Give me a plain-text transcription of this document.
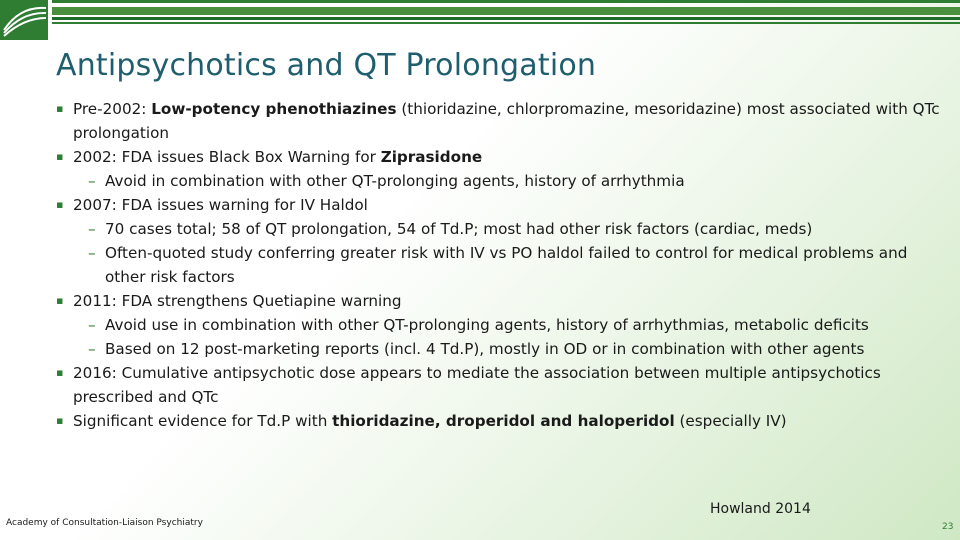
Antipsychotics and QT Prolongation
▪ Pre-2002: Low-potency phenothiazines (thioridazine, chlorpromazine, mesoridazine) most associated with QTc prolongation
▪ 2002: FDA issues Black Box Warning for Ziprasidone
– Avoid in combination with other QT-prolonging agents, history of arrhythmia
▪ 2007: FDA issues warning for IV Haldol
– 70 cases total; 58 of QT prolongation, 54 of Td.P; most had other risk factors (cardiac, meds)
– Often-quoted study conferring greater risk with IV vs PO haldol failed to control for medical problems and other risk factors
▪ 2011: FDA strengthens Quetiapine warning
– Avoid use in combination with other QT-prolonging agents, history of arrhythmias, metabolic deficits
– Based on 12 post-marketing reports (incl. 4 Td.P), mostly in OD or in combination with other agents
▪ 2016: Cumulative antipsychotic dose appears to mediate the association between multiple antipsychotics prescribed and QTc
▪ Significant evidence for Td.P with thioridazine, droperidol and haloperidol (especially IV)
Howland 2014
Academy of Consultation-Liaison Psychiatry	23
